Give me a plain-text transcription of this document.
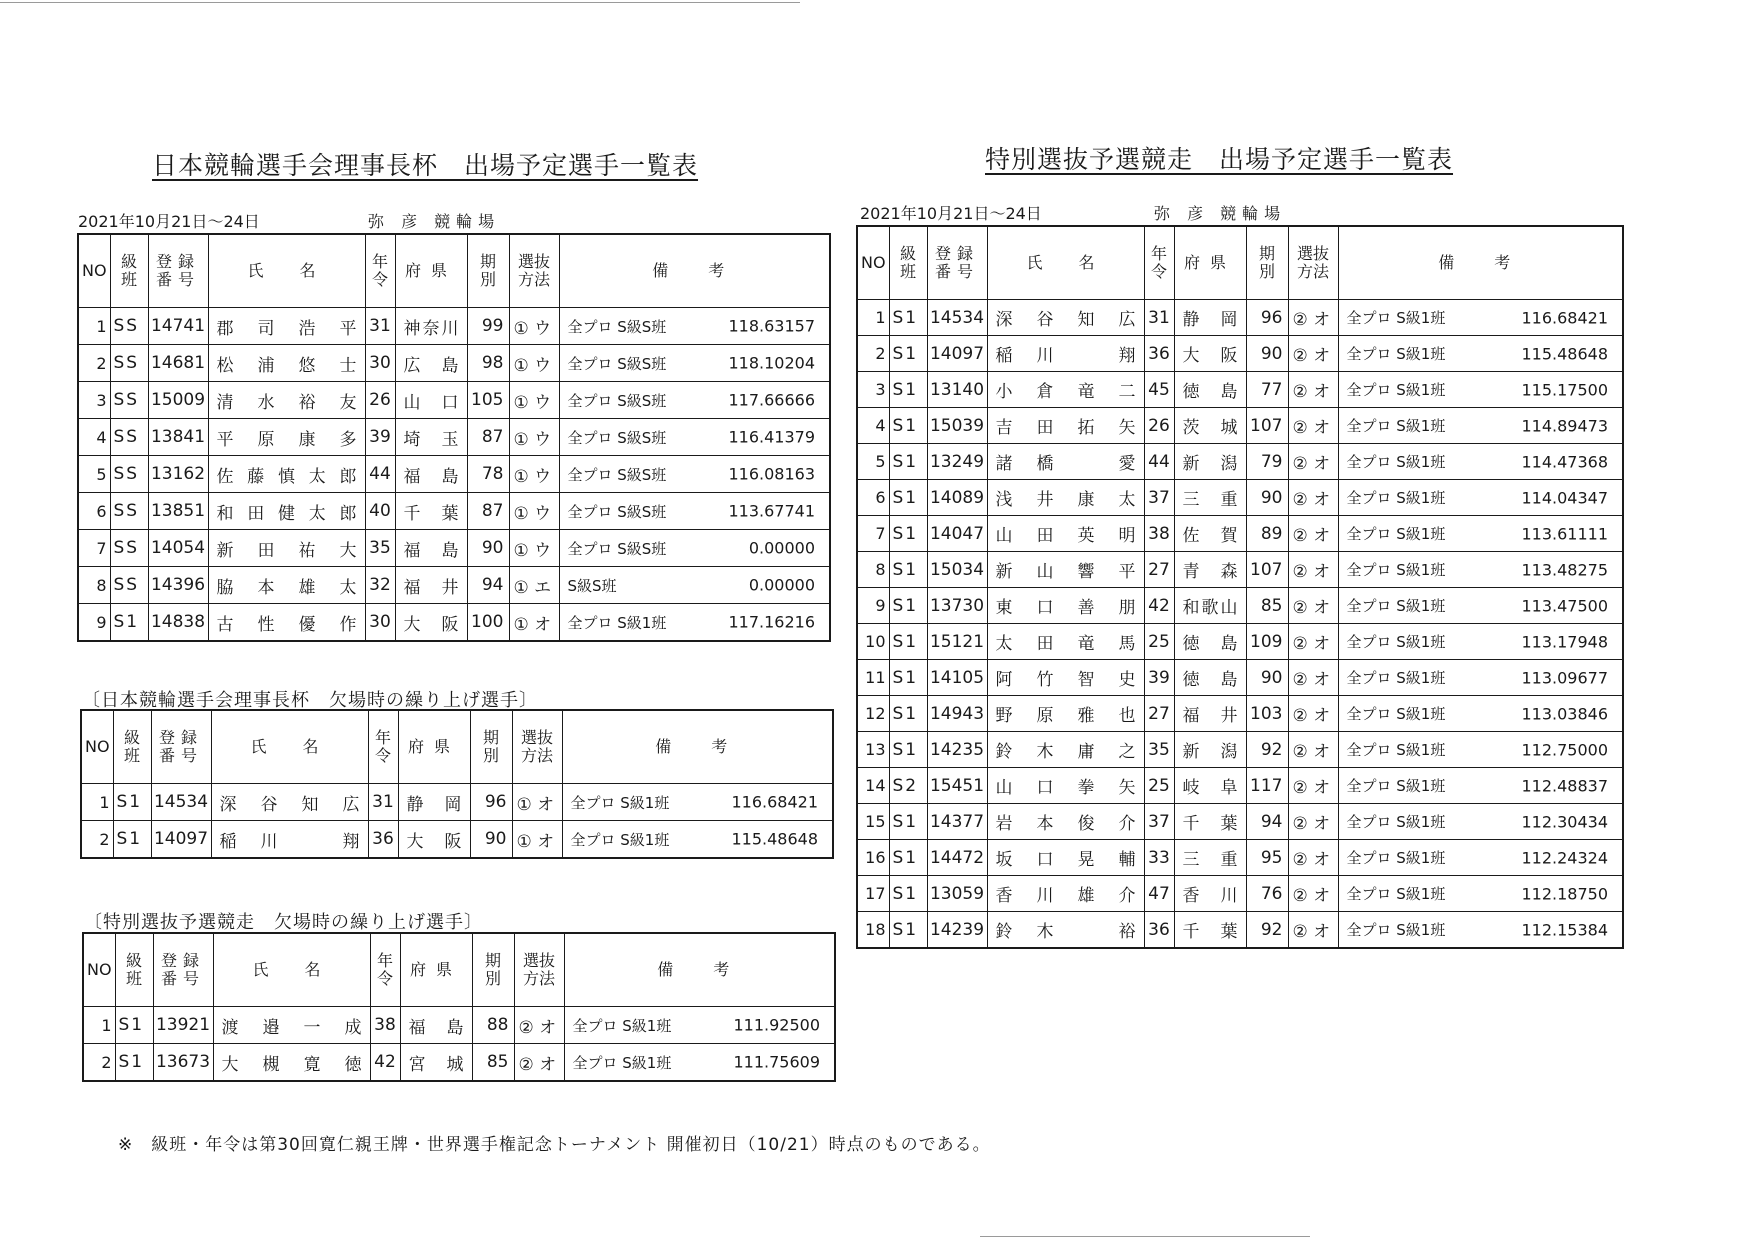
日本競輪選手会理事長杯　出場予定選手一覧表
2021年10月21日～24日	弥 彦 競輪場
NO	級班	登録番号	氏　名	年令	府県	期別	選抜方法	備　考
1	SS	14741	郡司浩平	31	神奈川	99	① ウ	全プロ S級S班 118.63157

2	SS	14681	松浦悠士	30	広島	98	① ウ	全プロ S級S班 118.10204

3	SS	15009	清水裕友	26	山口	105	① ウ	全プロ S級S班 117.66666

4	SS	13841	平原康多	39	埼玉	87	① ウ	全プロ S級S班 116.41379

5	SS	13162	佐藤慎太郎	44	福島	78	① ウ	全プロ S級S班 116.08163

6	SS	13851	和田健太郎	40	千葉	87	① ウ	全プロ S級S班 113.67741

7	SS	14054	新田祐大	35	福島	90	① ウ	全プロ S級S班 0.00000

8	SS	14396	脇本雄太	32	福井	94	① エ	S級S班 0.00000

9	S1	14838	古性優作	30	大阪	100	① オ	全プロ S級1班 117.16216
〔日本競輪選手会理事長杯　欠場時の繰り上げ選手〕
NO	級班	登録番号	氏　名	年令	府県	期別	選抜方法	備　考
1	S1	14534	深谷知広	31	静岡	96	① オ	全プロ S級1班 116.68421

2	S1	14097	稲川　翔	36	大阪	90	① オ	全プロ S級1班 115.48648
〔特別選抜予選競走　欠場時の繰り上げ選手〕
NO	級班	登録番号	氏　名	年令	府県	期別	選抜方法	備　考
1	S1	13921	渡邉一成	38	福島	88	② オ	全プロ S級1班 111.92500

2	S1	13673	大槻寛徳	42	宮城	85	② オ	全プロ S級1班 111.75609
特別選抜予選競走　出場予定選手一覧表
2021年10月21日～24日	弥 彦 競輪場
NO	級班	登録番号	氏　名	年令	府県	期別	選抜方法	備　考
1	S1	14534	深谷知広	31	静岡	96	② オ	全プロ S級1班 116.68421

2	S1	14097	稲川　翔	36	大阪	90	② オ	全プロ S級1班 115.48648

3	S1	13140	小倉竜二	45	徳島	77	② オ	全プロ S級1班 115.17500

4	S1	15039	吉田拓矢	26	茨城	107	② オ	全プロ S級1班 114.89473

5	S1	13249	諸橋　愛	44	新潟	79	② オ	全プロ S級1班 114.47368

6	S1	14089	浅井康太	37	三重	90	② オ	全プロ S級1班 114.04347

7	S1	14047	山田英明	38	佐賀	89	② オ	全プロ S級1班 113.61111

8	S1	15034	新山響平	27	青森	107	② オ	全プロ S級1班 113.48275

9	S1	13730	東口善朋	42	和歌山	85	② オ	全プロ S級1班 113.47500

10	S1	15121	太田竜馬	25	徳島	109	② オ	全プロ S級1班 113.17948

11	S1	14105	阿竹智史	39	徳島	90	② オ	全プロ S級1班 113.09677

12	S1	14943	野原雅也	27	福井	103	② オ	全プロ S級1班 113.03846

13	S1	14235	鈴木庸之	35	新潟	92	② オ	全プロ S級1班 112.75000

14	S2	15451	山口拳矢	25	岐阜	117	② オ	全プロ S級1班 112.48837

15	S1	14377	岩本俊介	37	千葉	94	② オ	全プロ S級1班 112.30434

16	S1	14472	坂口晃輔	33	三重	95	② オ	全プロ S級1班 112.24324

17	S1	13059	香川雄介	47	香川	76	② オ	全プロ S級1班 112.18750

18	S1	14239	鈴木　裕	36	千葉	92	② オ	全プロ S級1班 112.15384
※　級班・年令は第30回寛仁親王牌・世界選手権記念トーナメント 開催初日（10/21）時点のものである。
